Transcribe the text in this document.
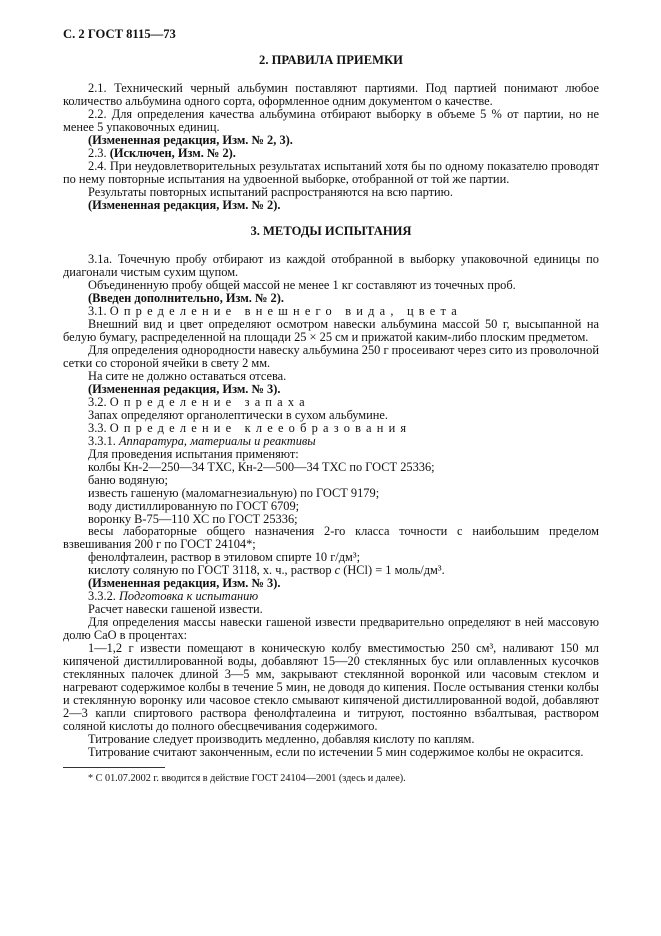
С. 2 ГОСТ 8115—73
2. ПРАВИЛА ПРИЕМКИ

2.1. Технический черный альбумин поставляют партиями. Под партией понимают любое количество альбумина одного сорта, оформленное одним документом о качестве.

2.2. Для определения качества альбумина отбирают выборку в объеме 5 % от партии, но не менее 5 упаковочных единиц.

(Измененная редакция, Изм. № 2, 3).

2.3. (Исключен, Изм. № 2).

2.4. При неудовлетворительных результатах испытаний хотя бы по одному показателю проводят по нему повторные испытания на удвоенной выборке, отобранной от той же партии.

Результаты повторных испытаний распространяются на всю партию.

(Измененная редакция, Изм. № 2).

3. МЕТОДЫ ИСПЫТАНИЯ

3.1а. Точечную пробу отбирают из каждой отобранной в выборку упаковочной единицы по диагонали чистым сухим щупом.

Объединенную пробу общей массой не менее 1 кг составляют из точечных проб.

(Введен дополнительно, Изм. № 2).

3.1. Определение внешнего вида, цвета

Внешний вид и цвет определяют осмотром навески альбумина массой 50 г, высыпанной на белую бумагу, распределенной на площади 25 × 25 см и прижатой каким-либо плоским предметом.

Для определения однородности навеску альбумина 250 г просеивают через сито из проволочной сетки со стороной ячейки в свету 2 мм.

На сите не должно оставаться отсева.

(Измененная редакция, Изм. № 3).

3.2. Определение запаха

Запах определяют органолептически в сухом альбумине.

3.3. Определение клееобразования

3.3.1. Аппаратура, материалы и реактивы

Для проведения испытания применяют:

колбы Кн-2—250—34 ТХС, Кн-2—500—34 ТХС по ГОСТ 25336;

баню водяную;

известь гашеную (маломагнезиальную) по ГОСТ 9179;

воду дистиллированную по ГОСТ 6709;

воронку В-75—110 ХС по ГОСТ 25336;

весы лабораторные общего назначения 2-го класса точности с наибольшим пределом взвешивания 200 г по ГОСТ 24104*;

фенолфталеин, раствор в этиловом спирте 10 г/дм³;

кислоту соляную по ГОСТ 3118, х. ч., раствор c (HCl) = 1 моль/дм³.

(Измененная редакция, Изм. № 3).

3.3.2. Подготовка к испытанию

Расчет навески гашеной извести.

Для определения массы навески гашеной извести предварительно определяют в ней массовую долю СаО в процентах:

1—1,2 г извести помещают в коническую колбу вместимостью 250 см³, наливают 150 мл кипяченой дистиллированной воды, добавляют 15—20 стеклянных бус или оплавленных кусочков стеклянных палочек длиной 3—5 мм, закрывают стеклянной воронкой или часовым стеклом и нагревают содержимое колбы в течение 5 мин, не доводя до кипения. После остывания стенки колбы и стеклянную воронку или часовое стекло смывают кипяченой дистиллированной водой, добавляют 2—3 капли спиртового раствора фенолфталеина и титруют, постоянно взбалтывая, раствором соляной кислоты до полного обесцвечивания содержимого.

Титрование следует производить медленно, добавляя кислоту по каплям.

Титрование считают законченным, если по истечении 5 мин содержимое колбы не окрасится.

* С 01.07.2002 г. вводится в действие ГОСТ 24104—2001 (здесь и далее).
